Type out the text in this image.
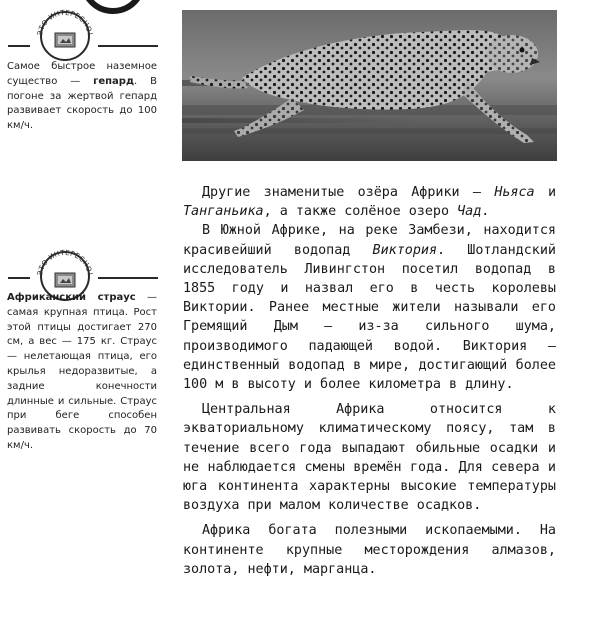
ЭТО ИНТЕРЕСНО!
Самое быстрое наземное существо — гепард. В погоне за жертвой гепард развивает скорость до 100 км/ч.
ЭТО ИНТЕРЕСНО!
Африканский страус — самая крупная птица. Рост этой птицы достигает 270 см, а вес — 175 кг. Страус — нелетающая птица, его крылья недоразвитые, а задние конечности длинные и сильные. Страус при беге способен развивать скорость до 70 км/ч.

Другие знаменитые озёра Африки — Ньяса и Танганьика, а также солёное озеро Чад.

В Южной Африке, на реке Замбези, находится красивейший водопад Виктория. Шотландский исследователь Ливингстон посетил водопад в 1855 году и назвал его в честь королевы Виктории. Ранее местные жители называли его Гремящий Дым — из-за сильного шума, производимого падающей водой. Виктория — единственный водопад в мире, достигающий более 100 м в высоту и более километра в длину.

Центральная Африка относится к экваториальному климатическому поясу, там в течение всего года выпадают обильные осадки и не наблюдается смены времён года. Для севера и юга континента характерны высокие температуры воздуха при малом количестве осадков.

Африка богата полезными ископаемыми. На континенте крупные месторождения алмазов, золота, нефти, марганца.
